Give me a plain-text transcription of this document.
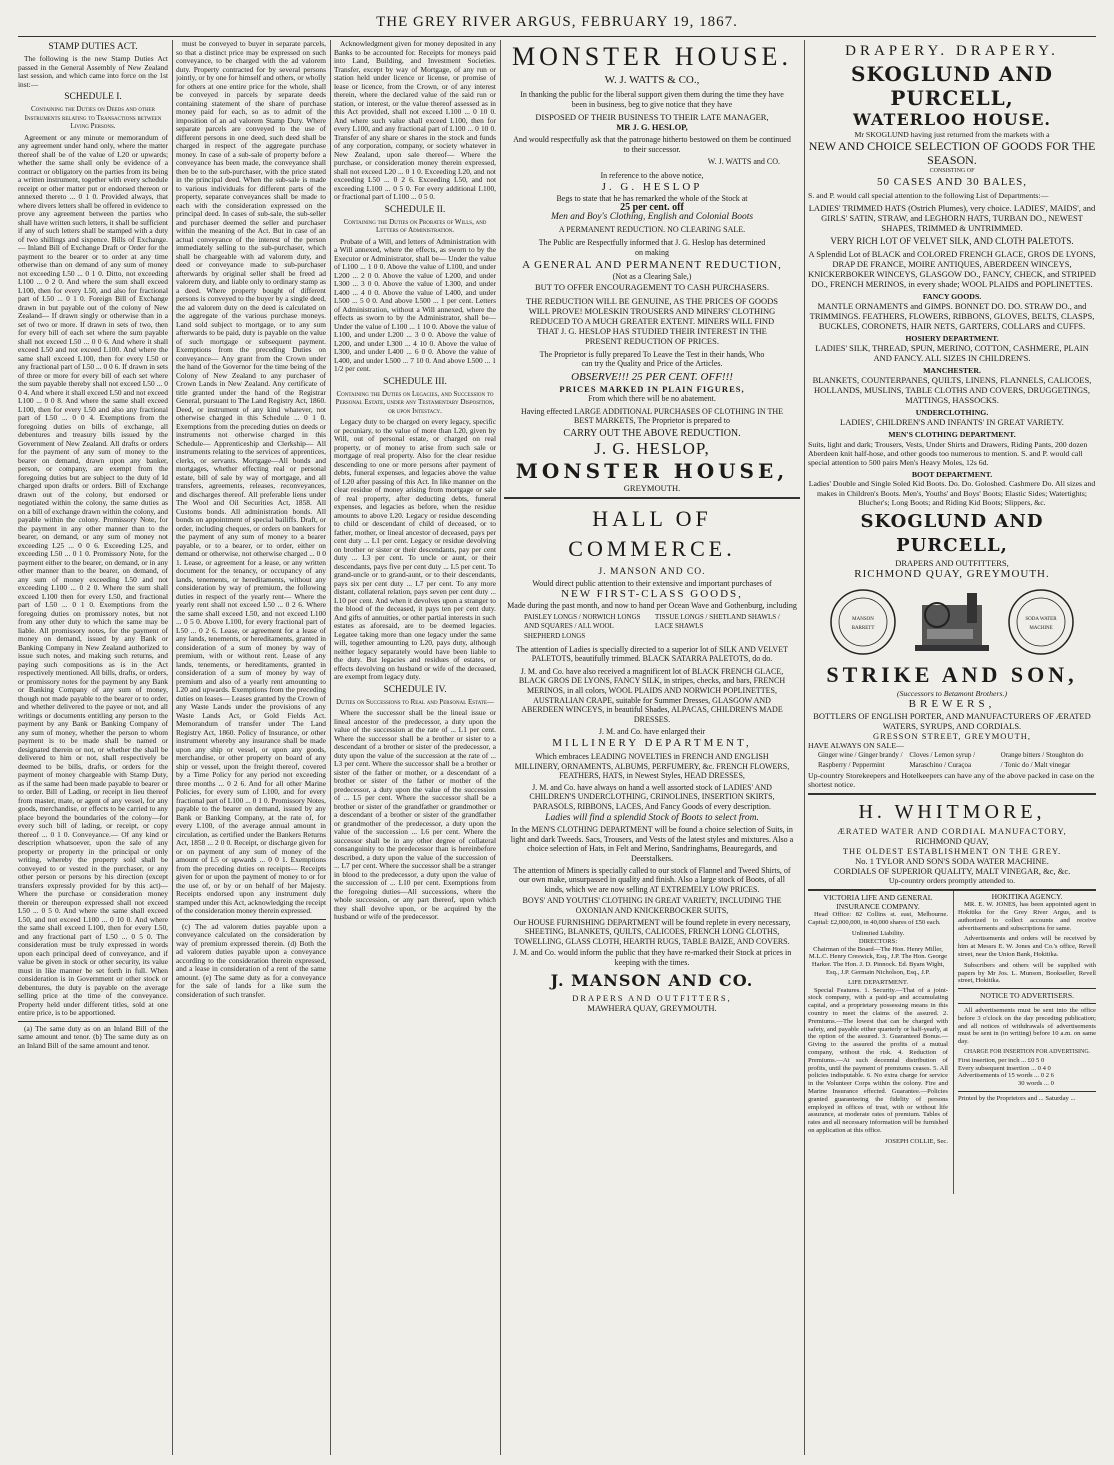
THE GREY RIVER ARGUS, FEBRUARY 19, 1867.
STAMP DUTIES ACT.

The following is the new Stamp Duties Act passed in the General Assembly of New Zealand last session, and which came into force on the 1st inst:—

SCHEDULE I.
Containing the Duties on Deeds and other Instruments relating to Transactions between Living Persons.

Agreement or any minute or memorandum of any agreement under hand only, where the matter thereof shall be of the value of L20 or upwards; whether the same shall only be evidence of a contract or obligatory on the parties from its being a written instrument, together with every schedule receipt or other matter put or endorsed thereon or annexed thereto ... 0 1 0. Provided always, that where divers letters shall be offered in evidence to prove any agreement between the parties who shall have written such letters, it shall be sufficient if any of such letters shall be stamped with a duty of two shillings and sixpence. Bills of Exchange.— Inland Bill of Exchange Draft or Order for the payment to the bearer or to order at any time otherwise than on demand of any sum of money not exceeding L50 ... 0 1 0. Ditto, not exceeding L100 ... 0 2 0. And where the sum shall exceed L100, then for every L50, and also for fractional part of L50 ... 0 1 0. Foreign Bill of Exchange drawn in but payable out of the colony of New Zealand— If drawn singly or otherwise than in a set of two or more. If drawn in sets of two, then for every bill of each set where the sum payable shall not exceed L50 ... 0 0 6. And where it shall exceed L50 and not exceed L100. And where the same shall exceed L100, then for every L50 or any fractional part of L50 ... 0 0 6. If drawn in sets of three or more for every bill of each set where the sum payable thereby shall not exceed L50 ... 0 0 4. And where it shall exceed L50 and not exceed L100 ... 0 0 8. And where the same shall exceed L100, then for every L50 and also any fractional part of L50 ... 0 0 4. Exemptions from the foregoing duties on bills of exchange, all debentures and treasury bills issued by the Government of New Zealand. All drafts or orders for the payment of any sum of money to the bearer on demand, drawn upon any banker, person, or company, are exempt from the foregoing duties but are subject to the duty of Id charged upon drafts or orders. Bill of Exchange drawn out of the colony, but endorsed or negotiated within the colony, the same duties as on a bill of exchange drawn within the colony, and payable within the colony. Promissory Note, for the payment in any other manner than to the bearer, on demand, or any sum of money not exceeding L25 ... 0 0 6. Exceeding L25, and exceeding L50 ... 0 1 0. Promissory Note, for the payment either to the bearer, on demand, or in any other manner than to the bearer, on demand, of any sum of money exceeding L50 and not exceeding L100 ... 0 2 0. Where the sum shall exceed L100 then for every L50, and fractional part of L50 ... 0 1 0. Exemptions from the foregoing duties on promissory notes, but not from any other duty to which the same may be liable. All promissory notes, for the payment of money on demand, issued by any Bank or Banking Company in New Zealand authorized to issue such notes, and making such returns, and paying such compositions as is in the Act respectively mentioned. All bills, drafts, or orders, or promissory notes for the payment by any Bank or Banking Company of any sum of money, though not made payable to the bearer or to order, and whether delivered to the payee or not, and all writings or documents entitling any person to the payment by any Bank or Banking Company of any sum of money, whether the person to whom payment is to be made shall be named or designated therein or not, or whether the shall be delivered to him or not, shall respectively be deemed to be bills, drafts, or orders for the payment of money chargeable with Stamp Duty, as if the same had been made payable to bearer or to order. Bill of Lading, or receipt in lieu thereof from master, mate, or agent of any vessel, for any goods, merchandise, or effects to be carried to any place beyond the boundaries of the colony—for every such bill of lading, or receipt, or copy thereof ... 0 1 0. Conveyance.— Of any kind or description whatsoever, upon the sale of any property or property in the principal or only writing, whereby the property sold shall be conveyed to or vested in the purchaser, or any other person or persons by his direction (except transfers expressly provided for by this act)— Where the purchase or consideration money therein or thereupon expressed shall not exceed L50 ... 0 5 0. And where the same shall exceed L50, and not exceed L100 ... 0 10 0. And where the same shall exceed L100, then for every L50, and any fractional part of L50 ... 0 5 0. The consideration must be truly expressed in words upon each principal deed of conveyance, and if value be given in stock or other security, its value must in like manner be set forth in full. When consideration is in Government or other stock or debentures, the duty is payable on the average selling price at the time of the conveyance. Property held under different titles, sold at one entire price, is to be apportioned.

(a) The same duty as on an Inland Bill of the same amount and tenor. (b) The same duty as on an Inland Bill of the same amount and tenor.

must be conveyed to buyer in separate parcels, so that a distinct price may be expressed on such conveyance, to be charged with the ad valorem duty. Property contracted for by several persons jointly, or by one for himself and others, or wholly for others at one entire price for the whole, shall be conveyed in parcels by separate deeds containing statement of the share of purchase money paid for each, so as to admit of the imposition of an ad valorem Stamp Duty. Where separate parcels are conveyed to the use of different persons in one deed, such deed shall be charged in respect of the aggregate purchase money. In case of a sub-sale of property before a conveyance has been made, the conveyance shall then be to the sub-purchaser, with the price stated in the principal deed. When the sub-sale is made to various individuals for different parts of the property, separate conveyances shall be made to each with the consideration expressed on the principal deed. In cases of sub-sale, the sub-seller and purchaser deemed the seller and purchaser within the meaning of the Act. But in case of an actual conveyance of the interest of the person immediately selling to the sub-purchaser, which shall be chargeable with ad valorem duty, and deed or conveyance made to sub-purchaser afterwards by original seller shall be freed ad valorem duty, and liable only to ordinary stamp as a deed. Where property bought of different persons is conveyed to the buyer by a single deed, the ad valorem duty on the deed is calculated on the aggregate of the various purchase moneys. Land sold subject to mortgage, or to any sum afterwards to be paid, duty is payable on the value of such mortgage or subsequent payment. Exemptions from the preceding Duties on conveyance— Any grant from the Crown under the hand of the Governor for the time being of the Colony of New Zealand to any purchaser of Crown Lands in New Zealand. Any certificate of title granted under the hand of the Registrar General, pursuant to The Land Registry Act, 1860. Deed, or instrument of any kind whatever, not otherwise charged in this Schedule ... 0 1 0. Exemptions from the preceding duties on deeds or instruments not otherwise charged in this Schedule— Apprenticeship and Clerkship— All instruments relating to the services of apprentices, clerks, or servants. Mortgage—All bonds and mortgages, whether effecting real or personal estate, bill of sale by way of mortgage, and all transfers, agreements, releases, reconveyances, and discharges thereof. All preferable liens under The Wool and Oil Securities Act, 1858. All Customs bonds. All administration bonds. All bonds on appointment of special bailiffs. Draft, or order, including cheques, or orders on bankers for the payment of any sum of money to a bearer payable, or to a bearer, or to order, either on demand or otherwise, not otherwise charged ... 0 0 1. Lease, or agreement for a lease, or any written document for the tenancy, or occupancy of any lands, tenements, or hereditaments, without any consideration by way of premium, the following duties in respect of the yearly rent— Where the yearly rent shall not exceed L50 ... 0 2 6. Where the same shall exceed L50, and not exceed L100 ... 0 5 0. Above L100, for every fractional part of L50 ... 0 2 6. Lease, or agreement for a lease of any lands, tenements, or hereditaments, granted in consideration of a sum of money by way of premium, with or without rent. Lease of any lands, tenements, or hereditaments, granted in consideration of a sum of money by way of premium and also of a yearly rent amounting to L20 and upwards. Exemptions from the preceding duties on leases— Leases granted by the Crown of any Waste Lands under the provisions of any Waste Lands Act, or Gold Fields Act. Memorandum of transfer under The Land Registry Act, 1860. Policy of Insurance, or other instrument whereby any insurance shall be made upon any ship or vessel, or upon any goods, merchandise, or other property on board of any ship or vessel, upon the freight thereof, covered by a Time Policy for any period not exceeding three months ... 0 2 6. And for all other Marine Policies, for every sum of L100, and for every fractional part of L100 ... 0 1 0. Promissory Notes, payable to the bearer on demand, issued by any Bank or Banking Company, at the rate of, for every L100, of the average annual amount in circulation, as certified under the Bankers Returns Act, 1858 ... 2 0 0. Receipt, or discharge given for or on payment of any sum of money of the amount of L5 or upwards ... 0 0 1. Exemptions from the preceding duties on receipts— Receipts given for or upon the payment of money to or for the use of, or by or on behalf of her Majesty. Receipts endorsed upon any instrument duly stamped under this Act, acknowledging the receipt of the consideration money therein expressed.

(c) The ad valorem duties payable upon a conveyance calculated on the consideration by way of premium expressed therein. (d) Both the ad valorem duties payable upon a conveyance according to the consideration therein expressed, and a lease in consideration of a rent of the same amount. (e) The same duty as for a conveyance for the sale of lands for a like sum the consideration of such transfer.

Acknowledgment given for money deposited in any Banks to be accounted for. Receipts for moneys paid into Land, Building, and Investment Societies. Transfer, except by way of Mortgage, of any run or station held under licence or license, or promise of lease or licence, from the Crown, or of any interest therein, where the declared value of the said run or station, or interest, or the value thereof assessed as in this Act provided, shall not exceed L100 ... 0 10 0. And where such value shall exceed L100, then for every L100, and any fractional part of L100 ... 0 10 0. Transfer of any share or shares in the stock and funds of any corporation, company, or society whatever in New Zealand, upon sale thereof— Where the purchase, or consideration money therein expressed, shall not exceed L20 ... 0 1 0. Exceeding L20, and not exceeding L50 ... 0 2 6. Exceeding L50, and not exceeding L100 ... 0 5 0. For every additional L100, or fractional part of L100 ... 0 5 0.

SCHEDULE II.
Containing the Duties on Probates of Wills, and Letters of Administration.

Probate of a Will, and letters of Administration with a Will annexed, where the effects, as sworn to by the Executor or Administrator, shall be— Under the value of L100 ... 1 0 0. Above the value of L100, and under L200 ... 2 0 0. Above the value of L200, and under L300 ... 3 0 0. Above the value of L300, and under L400 ... 4 0 0. Above the value of L400, and under L500 ... 5 0 0. And above L500 ... 1 per cent. Letters of Administration, without a Will annexed, where the effects as sworn to by the Administrator, shall be— Under the value of L100 ... 1 10 0. Above the value of L100, and under L200 ... 3 0 0. Above the value of L200, and under L300 ... 4 10 0. Above the value of L300, and under L400 ... 6 0 0. Above the value of L400, and under L500 ... 7 10 0. And above L500 ... 1 1/2 per cent.

SCHEDULE III.
Containing the Duties on Legacies, and Succession to Personal Estate, under any Testamentary Disposition, or upon Intestacy.

Legacy duty to be charged on every legacy, specific or pecuniary, to the value of more than L20, given by Will, out of personal estate, or charged on real property, or of money to arise from such sale or mortgage of real property. Also for the clear residue descending to one or more persons after payment of debts, funeral expenses, and legacies above the value of L20 after passing of this Act. In like manner on the clear residue of money arising from mortgage or sale of real property, after deducting debts, funeral expenses, and legacies as before, when the residue amounts to above L20. Legacy or residue descending to child or descendant of child of deceased, or to father, mother, or lineal ancestor of deceased, pays per cent duty ... L1 per cent. Legacy or residue devolving on brother or sister or their descendants, pay per cent duty ... L3 per cent. To uncle or aunt, or their descendants, pays five per cent duty ... L5 per cent. To grand-uncle or to grand-aunt, or to their descendants, pays six per cent duty ... L7 per cent. To any more distant, collateral relation, pays seven per cent duty ... L10 per cent. And when it devolves upon a stranger to the blood of the deceased, it pays ten per cent duty. And gifts of annuities, or other partial interests in such estates as aforesaid, are to be deemed legacies. Legatee taking more than one legacy under the same will, together amounting to L20, pays duty, although neither legacy separately would have been liable to the duty. But legacies and residues of estates, or effects devolving on husband or wife of the deceased, are exempt from legacy duty.

SCHEDULE IV.
Duties on Successions to Real and Personal Estate—

Where the successor shall be the lineal issue or lineal ancestor of the predecessor, a duty upon the value of the succession at the rate of ... L1 per cent. Where the successor shall be a brother or sister to a descendant of a brother or sister of the predecessor, a duty upon the value of the succession at the rate of ... L3 per cent. Where the successor shall be a brother or sister of the father or mother, or a descendant of a brother or sister of the father or mother of the predecessor, a duty upon the value of the succession of ... L5 per cent. Where the successor shall be a brother or sister of the grandfather or grandmother or a descendant of a brother or sister of the grandfather or grandmother of the predecessor, a duty upon the value of the succession ... L6 per cent. Where the successor shall be in any other degree of collateral consanguinity to the predecessor than is hereinbefore described, a duty upon the value of the succession of ... L7 per cent. Where the successor shall be a stranger in blood to the predecessor, a duty upon the value of the succession of ... L10 per cent. Exemptions from the foregoing duties—All successions, where the whole succession, or any part thereof, upon which they shall devolve upon, or be acquired by the husband or wife of the predecessor.

MONSTER HOUSE.
W. J. WATTS & CO.,
In thanking the public for the liberal support given them during the time they have been in business, beg to give notice that they have
DISPOSED OF THEIR BUSINESS TO THEIR LATE MANAGER,
MR J. G. HESLOP,
And would respectfully ask that the patronage hitherto bestowed on them be continued to their successor.
W. J. WATTS and CO.
In reference to the above notice,
J. G. HESLOP
Begs to state that he has remarked the whole of the Stock at
25 per cent. off
Men and Boy's Clothing, English and Colonial Boots
A PERMANENT REDUCTION. NO CLEARING SALE.
The Public are Respectfully informed that J. G. Heslop has determined on making
A GENERAL AND PERMANENT REDUCTION,
(Not as a Clearing Sale,)
BUT TO OFFER ENCOURAGEMENT TO CASH PURCHASERS.
THE REDUCTION WILL BE GENUINE, AS THE PRICES OF GOODS WILL PROVE! MOLESKIN TROUSERS AND MINERS' CLOTHING REDUCED TO A MUCH GREATER EXTENT. MINERS WILL FIND THAT J. G. HESLOP HAS STUDIED THEIR INTEREST IN THE PRESENT REDUCTION OF PRICES.
The Proprietor is fully prepared To Leave the Test in their hands, Who can try the Quality and Price of the Articles.
OBSERVE!!! 25 PER CENT. OFF!!!
PRICES MARKED IN PLAIN FIGURES,
From which there will be no abatement.
Having effected LARGE ADDITIONAL PURCHASES OF CLOTHING IN THE BEST MARKETS, The Proprietor is prepared to
CARRY OUT THE ABOVE REDUCTION.
J. G. HESLOP,
MONSTER HOUSE,
GREYMOUTH.
HALL OF COMMERCE.
J. MANSON AND CO.
Would direct public attention to their extensive and important purchases of
NEW FIRST-CLASS GOODS,
Made during the past month, and now to hand per Ocean Wave and Gothenburg, including
PAISLEY LONGS / NORWICH LONGS AND SQUARES / ALL WOOL SHEPHERD LONGS
TISSUE LONGS / SHETLAND SHAWLS / LACE SHAWLS
The attention of Ladies is specially directed to a superior lot of SILK AND VELVET PALETOTS, beautifully trimmed. BLACK SATARRA PALETOTS, do do.
J. M. and Co. have also received a magnificent lot of BLACK FRENCH GLACE, BLACK GROS DE LYONS, FANCY SILK, in stripes, checks, and bars, FRENCH MERINOS, in all colors, WOOL PLAIDS AND NORWICH POPLINETTES, AUSTRALIAN CRAPE, suitable for Summer Dresses, GLASGOW AND ABERDEEN WINCEYS, in beautiful Shades, ALPACAS, CHILDREN'S MADE DRESSES.
J. M. and Co. have enlarged their
MILLINERY DEPARTMENT,
Which embraces LEADING NOVELTIES in FRENCH AND ENGLISH MILLINERY, ORNAMENTS, ALBUMS, PERFUMERY, &c. FRENCH FLOWERS, FEATHERS, HATS, in Newest Styles, HEAD DRESSES,
J. M. and Co. have always on hand a well assorted stock of LADIES' AND CHILDREN'S UNDERCLOTHING, CRINOLINES, INSERTION SKIRTS, PARASOLS, RIBBONS, LACES, And Fancy Goods of every description.
Ladies will find a splendid Stock of Boots to select from.
In the MEN'S CLOTHING DEPARTMENT will be found a choice selection of Suits, in light and dark Tweeds. Sacs, Trousers, and Vests of the latest styles and mixtures. Also a choice selection of Hats, in Felt and Merino, Sandringhams, Beauregards, and Deerstalkers.
The attention of Miners is specially called to our stock of Flannel and Tweed Shirts, of our own make, unsurpassed in quality and finish. Also a large stock of Boots, of all kinds, which we are now selling AT EXTREMELY LOW PRICES.
BOYS' AND YOUTHS' CLOTHING IN GREAT VARIETY, INCLUDING THE OXONIAN AND KNICKERBOCKER SUITS,
Our HOUSE FURNISHING DEPARTMENT will be found replete in every necessary, SHEETING, BLANKETS, QUILTS, CALICOES, FRENCH LONG CLOTHS, TOWELLING, GLASS CLOTH, HEARTH RUGS, TABLE BAIZE, AND COVERS.
J. M. and Co. would inform the public that they have re-marked their Stock at prices in keeping with the times.
J. MANSON AND CO.
DRAPERS AND OUTFITTERS,
MAWHERA QUAY, GREYMOUTH.
DRAPERY. DRAPERY.
SKOGLUND AND PURCELL,
WATERLOO HOUSE.
Mr SKOGLUND having just returned from the markets with a
NEW AND CHOICE SELECTION OF GOODS FOR THE SEASON.
CONSISTING OF
50 CASES AND 30 BALES,
S. and P. would call special attention to the following List of Departments:—
LADIES' TRIMMED HATS (Ostrich Plumes), very choice. LADIES', MAIDS', and GIRLS' SATIN, STRAW, and LEGHORN HATS, TURBAN DO., NEWEST SHAPES, TRIMMED & UNTRIMMED.
VERY RICH LOT OF VELVET SILK, AND CLOTH PALETOTS.
A Splendid Lot of BLACK and COLORED FRENCH GLACE, GROS DE LYONS, DRAP DE FRANCE, MOIRE ANTIQUES, ABERDEEN WINCEYS, KNICKERBOKER WINCEYS, GLASGOW DO., FANCY, CHECK, and STRIPED DO., FRENCH MERINOS, in every shade; WOOL PLAIDS and POPLINETTES.
FANCY GOODS.
MANTLE ORNAMENTS and GIMPS. BONNET DO. DO. STRAW DO., and TRIMMINGS. FEATHERS, FLOWERS, RIBBONS, GLOVES, BELTS, CLASPS, BUCKLES, CORONETS, HAIR NETS, GARTERS, COLLARS and CUFFS.
HOSIERY DEPARTMENT.
LADIES' SILK, THREAD, SPUN, MERINO, COTTON, CASHMERE, PLAIN AND FANCY. ALL SIZES IN CHILDREN'S.
MANCHESTER.
BLANKETS, COUNTERPANES, QUILTS, LINENS, FLANNELS, CALICOES, HOLLANDS, MUSLINS, TABLE CLOTHS AND COVERS, DRUGGETINGS, MATTINGS, HASSOCKS.
UNDERCLOTHING.
LADIES', CHILDREN'S AND INFANTS' IN GREAT VARIETY.
MEN'S CLOTHING DEPARTMENT.
Suits, light and dark; Trousers, Vests, Under Shirts and Drawers, Riding Pants, 200 dozen Aberdeen knit half-hose, and other goods too numerous to mention. S. and P. would call special attention to 500 pairs Men's Heavy Moles, 12s 6d.
BOOT DEPARTMENT.
Ladies' Double and Single Soled Kid Boots. Do. Do. Goloshed. Cashmere Do. All sizes and makes in Children's Boots. Men's, Youths' and Boys' Boots; Elastic Sides; Watertights; Blucher's; Long Boots; and Riding Kid Boots; Slippers, &c.
SKOGLUND AND PURCELL,
DRAPERS AND OUTFITTERS,
RICHMOND QUAY, GREYMOUTH.
MANSON BARRETT
SODA WATER MACHINE
STRIKE AND SON,
(Successors to Betamont Brothers.)
BREWERS,
BOTTLERS OF ENGLISH PORTER, AND MANUFACTURERS OF ÆRATED WATERS, SYRUPS, AND CORDIALS.
GRESSON STREET, GREYMOUTH,
HAVE ALWAYS ON SALE—
Ginger wine / Ginger brandy / Raspberry / Peppermint
Cloves / Lemon syrup / Maraschino / Curaçoa
Orange bitters / Stoughton do / Tonic do / Malt vinegar
Up-country Storekeepers and Hotelkeepers can have any of the above packed in case on the shortest notice.
H. WHITMORE,
ÆRATED WATER AND CORDIAL MANUFACTORY,
RICHMOND QUAY,
THE OLDEST ESTABLISHMENT ON THE GREY.
No. 1 TYLOR AND SON'S SODA WATER MACHINE.
CORDIALS OF SUPERIOR QUALITY, MALT VINEGAR, &c, &c.
Up-country orders promptly attended to.
VICTORIA LIFE AND GENERAL INSURANCE COMPANY.

Head Office: 82 Collins st. east, Melbourne. Capital: £2,000,000, in 40,000 shares of £50 each.

Unlimited Liability.
DIRECTORS:
Chairman of the Board—The Hon. Henry Miller, M.L.C. Henry Creswick, Esq., J.P. The Hon. George Harker. The Hon. J. D. Pinnock. Ed. Byam Wight, Esq., J.P. Germain Nicholson, Esq., J.P.
LIFE DEPARTMENT.

Special Features. 1. Security.—That of a joint-stock company, with a paid-up and accumulating capital, and a proprietary possessing means in this country to meet the claims of the assured. 2. Premiums.—The lowest that can be charged with safety, and payable either quarterly or half-yearly, at the option of the assured. 3. Guaranteed Bonus.—Giving to the assured the profits of a mutual company, without the risk. 4. Reduction of Premiums.—At such decennial distribution of profits, until the payment of premiums ceases. 5. All policies indisputable. 6. No extra charge for service in the Volunteer Corps within the colony. Fire and Marine Insurance effected. Guarantee.—Policies granted guaranteeing the fidelity of persons employed in offices of trust, with or without life assurance, at moderate rates of premium. Tables of rates and all necessary information will be furnished on application at this office.

JOSEPH COLLIE, Sec.
HOKITIKA AGENCY.

MR. E. W. JONES, has been appointed agent in Hokitika for the Grey River Argus, and is authorized to collect accounts and receive advertisements and subscriptions for same.

Advertisements and orders will be received by him at Messrs E. W. Jones and Co.'s office, Revell street, near the Union Bank, Hokitika.

Subscribers and others will be supplied with papers by Mr Jos. L. Munson, Bookseller, Revell street, Hokitika.

NOTICE TO ADVERTISERS.

All advertisements must be sent into the office before 3 o'clock on the day preceding publication; and all notices of withdrawals of advertisements must be sent in (in writing) before 10 a.m. on same day.

CHARGE FOR INSERTION FOR ADVERTISING.
First insertion, per inch ... £0 5 0
Every subsequent insertion ... 0 4 0
Advertisements of 15 words ... 0 2 6
30 words ... 0
Printed by the Proprietors and ... Saturday ...
